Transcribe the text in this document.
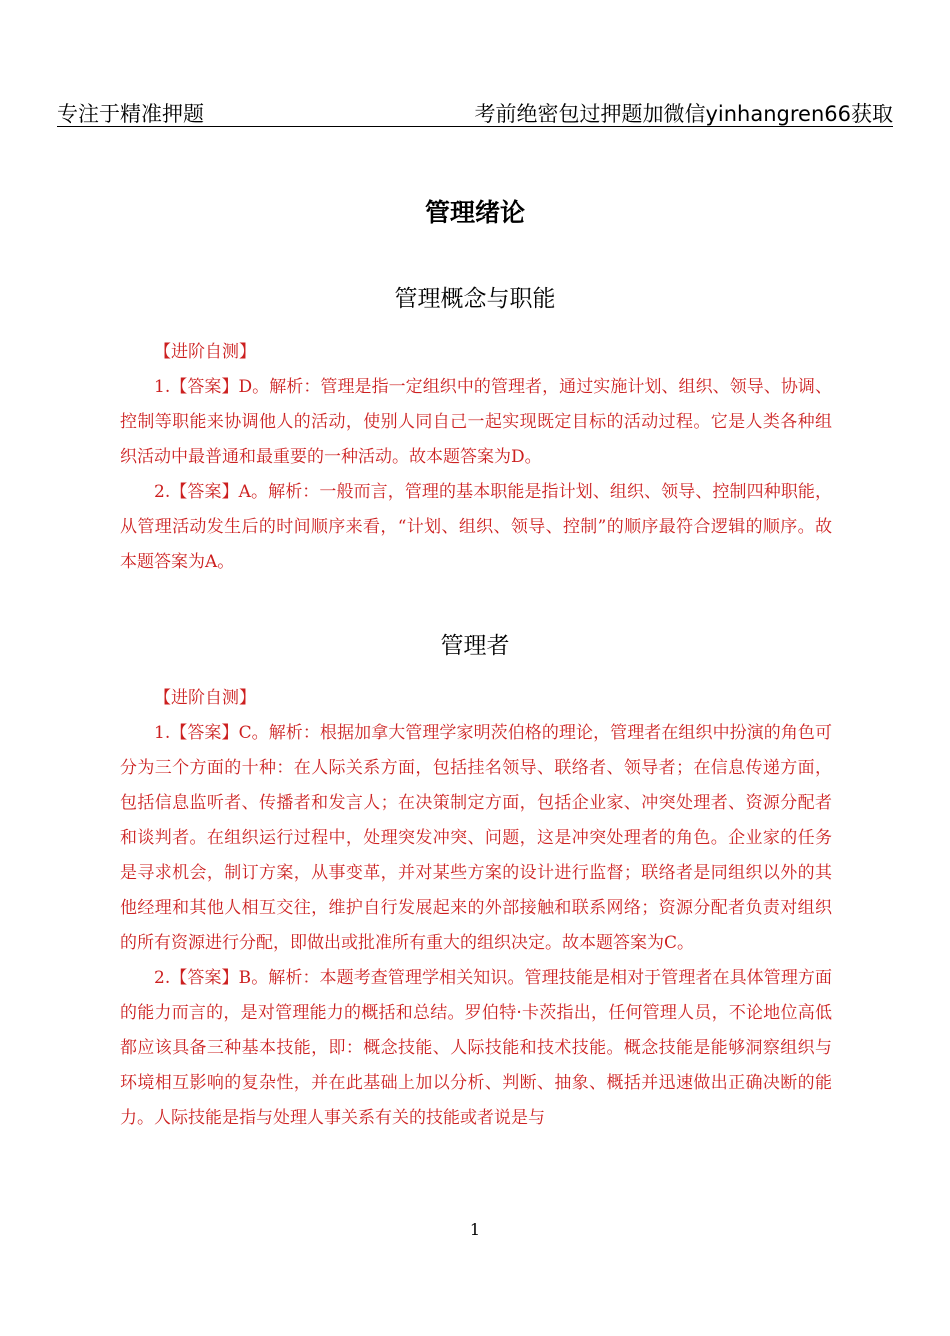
专注于精准押题	考前绝密包过押题加微信yinhangren66获取
管理绪论
管理概念与职能
【进阶自测】

1.【答案】D。解析：管理是指一定组织中的管理者，通过实施计划、组织、领导、协调、控制等职能来协调他人的活动，使别人同自己一起实现既定目标的活动过程。它是人类各种组织活动中最普通和最重要的一种活动。故本题答案为D。

2.【答案】A。解析：一般而言，管理的基本职能是指计划、组织、领导、控制四种职能，从管理活动发生后的时间顺序来看，“计划、组织、领导、控制”的顺序最符合逻辑的顺序。故本题答案为A。

管理者
【进阶自测】

1.【答案】C。解析：根据加拿大管理学家明茨伯格的理论，管理者在组织中扮演的角色可分为三个方面的十种：在人际关系方面，包括挂名领导、联络者、领导者；在信息传递方面，包括信息监听者、传播者和发言人；在决策制定方面，包括企业家、冲突处理者、资源分配者和谈判者。在组织运行过程中，处理突发冲突、问题，这是冲突处理者的角色。企业家的任务是寻求机会，制订方案，从事变革，并对某些方案的设计进行监督；联络者是同组织以外的其他经理和其他人相互交往，维护自行发展起来的外部接触和联系网络；资源分配者负责对组织的所有资源进行分配，即做出或批准所有重大的组织决定。故本题答案为C。

2.【答案】B。解析：本题考查管理学相关知识。管理技能是相对于管理者在具体管理方面的能力而言的，是对管理能力的概括和总结。罗伯特·卡茨指出，任何管理人员，不论地位高低都应该具备三种基本技能，即：概念技能、人际技能和技术技能。概念技能是能够洞察组织与环境相互影响的复杂性，并在此基础上加以分析、判断、抽象、概括并迅速做出正确决断的能力。人际技能是指与处理人事关系有关的技能或者说是与

1
